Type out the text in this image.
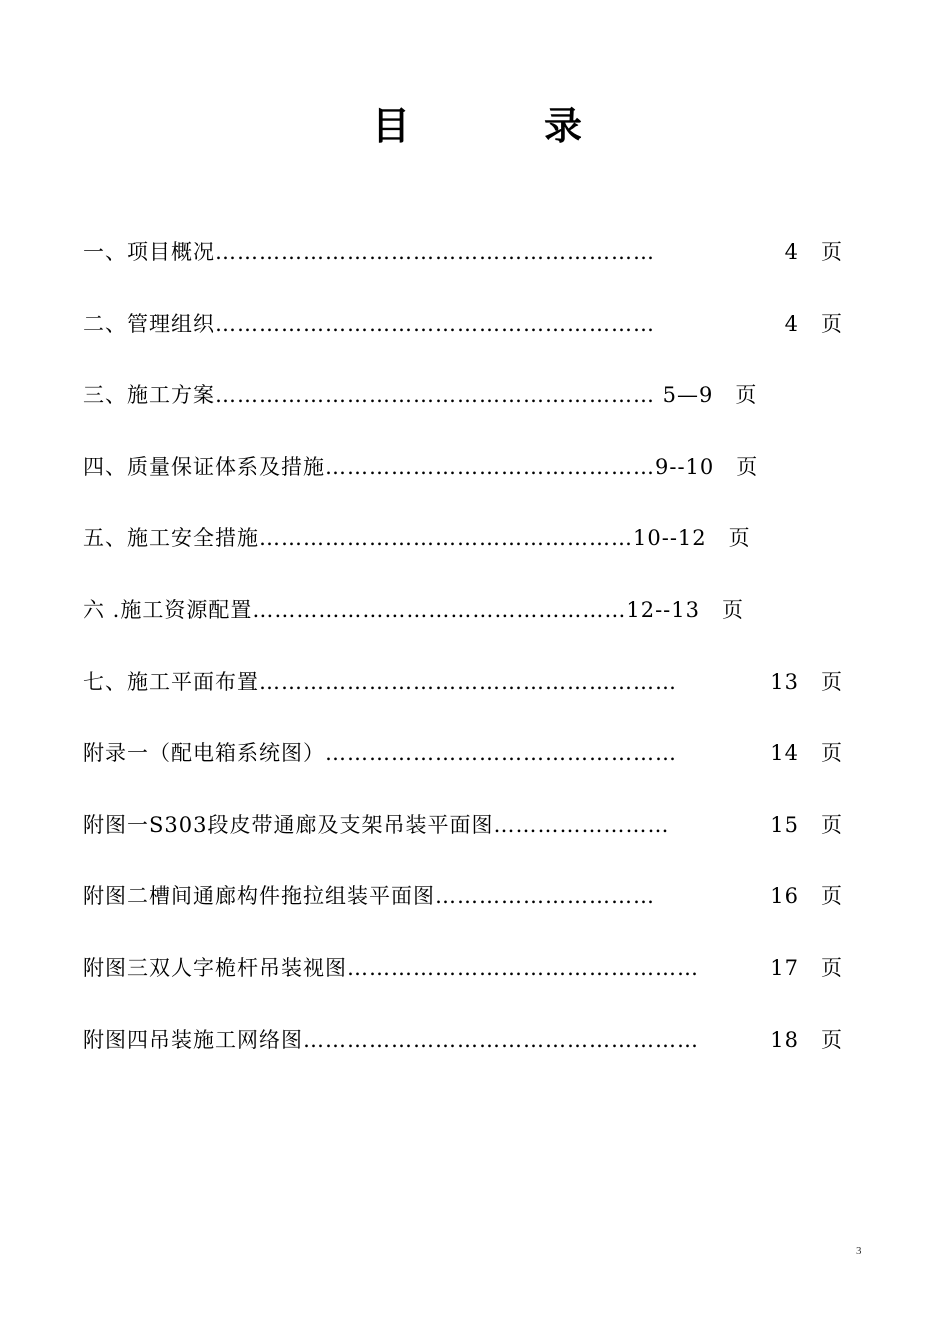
目	录
一、项目概况……………………………………………………	4　页
二、管理组织……………………………………………………	4　页
三、施工方案…………………………………………………… 5—9　页
四、质量保证体系及措施………………………………………9--10　页
五、施工安全措施……………………………………………10--12　页
六 .施工资源配置……………………………………………12--13　页
七、施工平面布置…………………………………………………	13　页
附录一（配电箱系统图）…………………………………………	14　页
附图一S303段皮带通廊及支架吊装平面图……………………	15　页
附图二槽间通廊构件拖拉组装平面图…………………………	16　页
附图三双人字桅杆吊装视图…………………………………………	17　页
附图四吊装施工网络图………………………………………………	18　页
3
